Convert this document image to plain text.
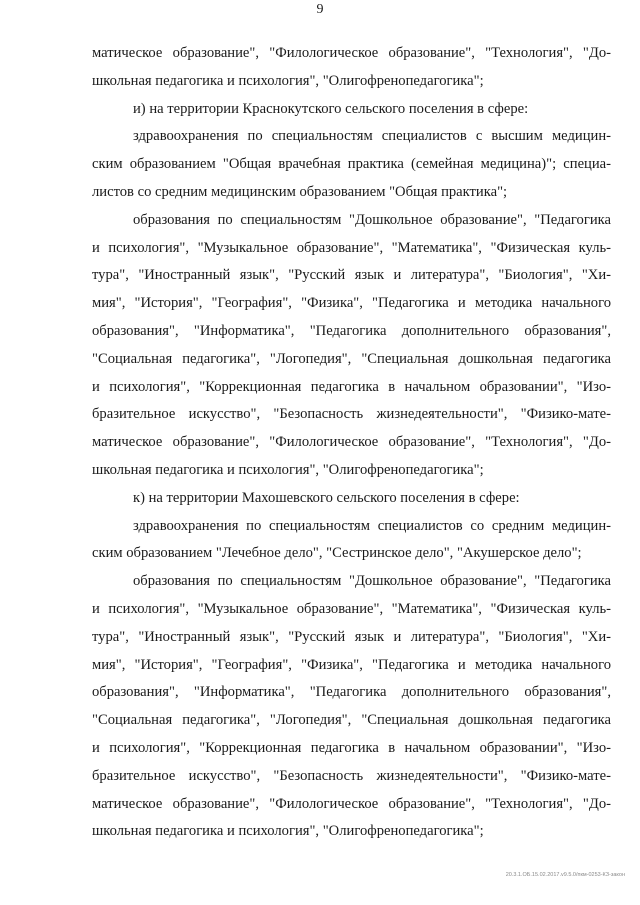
9
матическое образование", "Филологическое образование", "Технология", "До-
школьная педагогика и психология", "Олигофренопедагогика";
и) на территории Краснокутского сельского поселения в сфере:
здравоохранения по специальностям специалистов с высшим медицин-
ским образованием "Общая врачебная практика (семейная медицина)"; специа-
листов со средним медицинским образованием "Общая практика";
образования по специальностям "Дошкольное образование", "Педагогика
и психология", "Музыкальное образование", "Математика", "Физическая куль-
тура", "Иностранный язык", "Русский язык и литература", "Биология", "Хи-
мия", "История", "География", "Физика", "Педагогика и методика начального
образования", "Информатика", "Педагогика дополнительного образования",
"Социальная педагогика", "Логопедия", "Специальная дошкольная педагогика
и психология", "Коррекционная педагогика в начальном образовании", "Изо-
бразительное искусство", "Безопасность жизнедеятельности", "Физико-мате-
матическое образование", "Филологическое образование", "Технология", "До-
школьная педагогика и психология", "Олигофренопедагогика";
к) на территории Махошевского сельского поселения в сфере:
здравоохранения по специальностям специалистов со средним медицин-
ским образованием "Лечебное дело", "Сестринское дело", "Акушерское дело";
образования по специальностям "Дошкольное образование", "Педагогика
и психология", "Музыкальное образование", "Математика", "Физическая куль-
тура", "Иностранный язык", "Русский язык и литература", "Биология", "Хи-
мия", "История", "География", "Физика", "Педагогика и методика начального
образования", "Информатика", "Педагогика дополнительного образования",
"Социальная педагогика", "Логопедия", "Специальная дошкольная педагогика
и психология", "Коррекционная педагогика в начальном образовании", "Изо-
бразительное искусство", "Безопасность жизнедеятельности", "Физико-мате-
матическое образование", "Филологическое образование", "Технология", "До-
школьная педагогика и психология", "Олигофренопедагогика";
20.3.1.ОБ.15.02.2017.v9.5.0/пкм-0253-КЗ-закон
